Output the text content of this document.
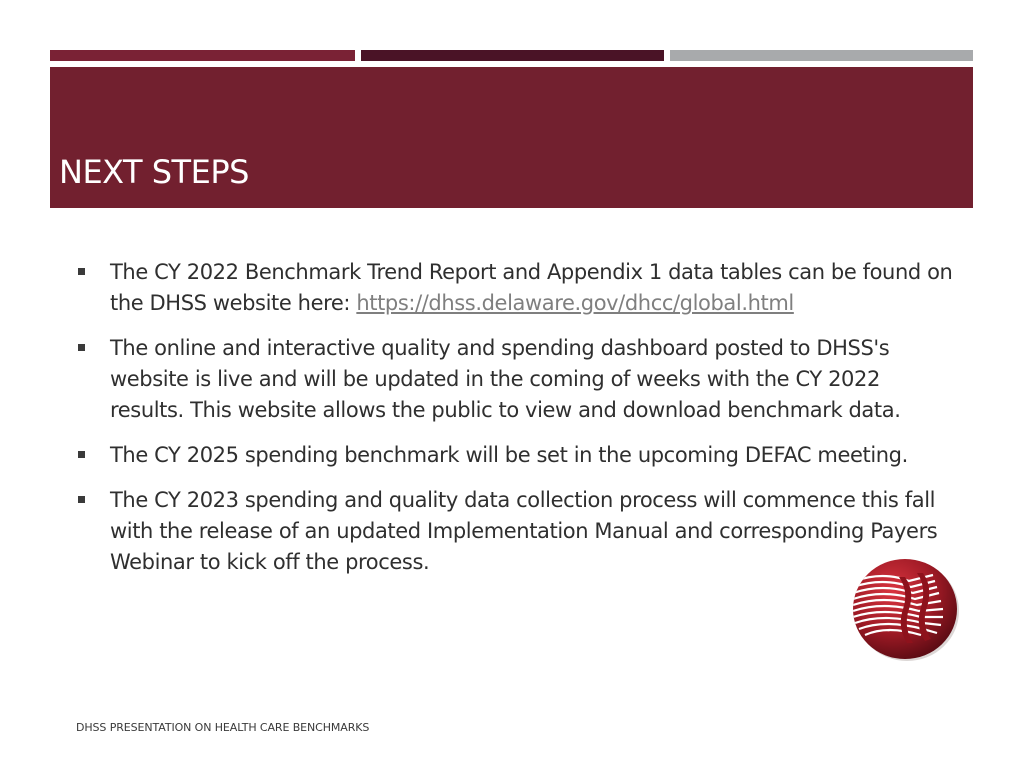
NEXT STEPS
The CY 2022 Benchmark Trend Report and Appendix 1 data tables can be found on the DHSS website here: https://dhss.delaware.gov/dhcc/global.html
The online and interactive quality and spending dashboard posted to DHSS's website is live and will be updated in the coming of weeks with the CY 2022 results. This website allows the public to view and download benchmark data.
The CY 2025 spending benchmark will be set in the upcoming DEFAC meeting.
The CY 2023 spending and quality data collection process will commence this fall with the release of an updated Implementation Manual and corresponding Payers Webinar to kick off the process.
DHSS PRESENTATION ON HEALTH CARE BENCHMARKS
